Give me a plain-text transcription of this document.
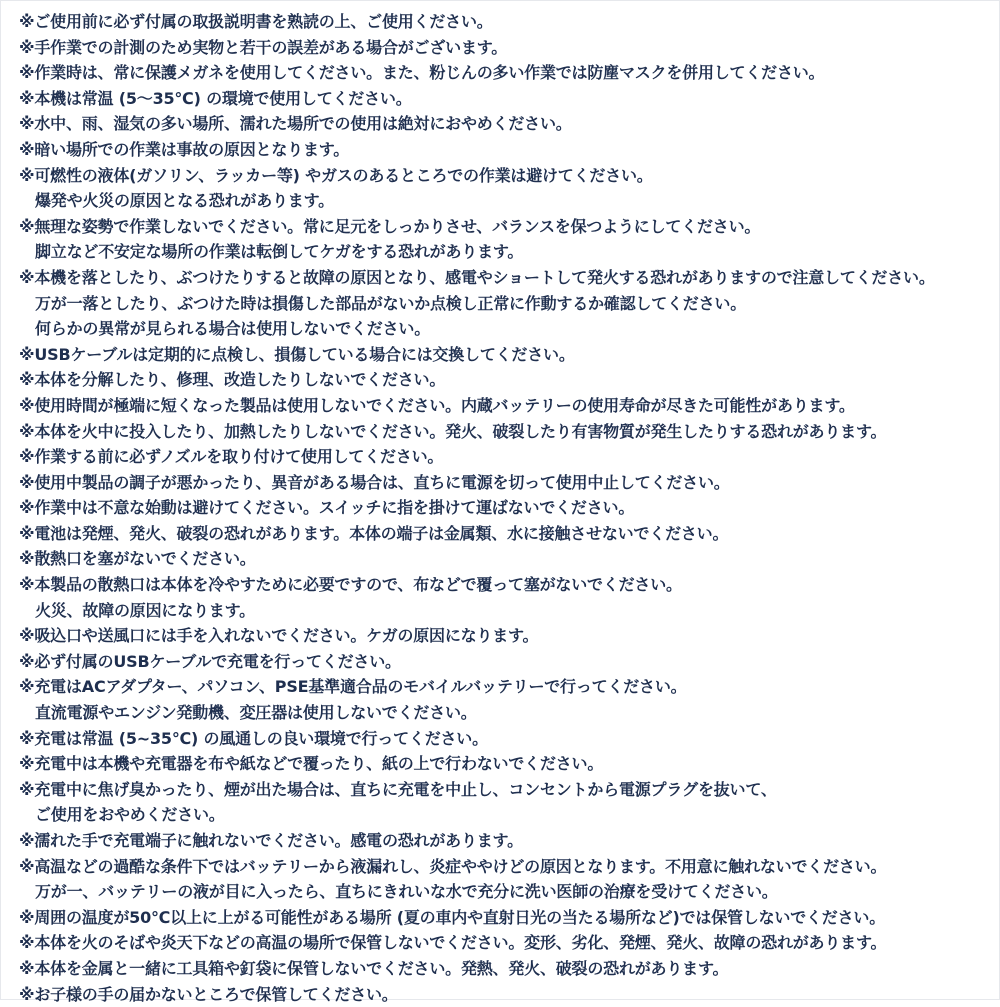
※ご使用前に必ず付属の取扱説明書を熟読の上、ご使用ください。
※手作業での計測のため実物と若干の誤差がある場合がございます。
※作業時は、常に保護メガネを使用してください。また、粉じんの多い作業では防塵マスクを併用してください。
※本機は常温 (5〜35℃) の環境で使用してください。
※水中、雨、湿気の多い場所、濡れた場所での使用は絶対におやめください。
※暗い場所での作業は事故の原因となります。
※可燃性の液体(ガソリン、ラッカー等) やガスのあるところでの作業は避けてください。
爆発や火災の原因となる恐れがあります。
※無理な姿勢で作業しないでください。常に足元をしっかりさせ、バランスを保つようにしてください。
脚立など不安定な場所の作業は転倒してケガをする恐れがあります。
※本機を落としたり、ぶつけたりすると故障の原因となり、感電やショートして発火する恐れがありますので注意してください。
万が一落としたり、ぶつけた時は損傷した部品がないか点検し正常に作動するか確認してください。
何らかの異常が見られる場合は使用しないでください。
※USBケーブルは定期的に点検し、損傷している場合には交換してください。
※本体を分解したり、修理、改造したりしないでください。
※使用時間が極端に短くなった製品は使用しないでください。内蔵バッテリーの使用寿命が尽きた可能性があります。
※本体を火中に投入したり、加熱したりしないでください。発火、破裂したり有害物質が発生したりする恐れがあります。
※作業する前に必ずノズルを取り付けて使用してください。
※使用中製品の調子が悪かったり、異音がある場合は、直ちに電源を切って使用中止してください。
※作業中は不意な始動は避けてください。スイッチに指を掛けて運ばないでください。
※電池は発煙、発火、破裂の恐れがあります。本体の端子は金属類、水に接触させないでください。
※散熱口を塞がないでください。
※本製品の散熱口は本体を冷やすために必要ですので、布などで覆って塞がないでください。
火災、故障の原因になります。
※吸込口や送風口には手を入れないでください。ケガの原因になります。
※必ず付属のUSBケーブルで充電を行ってください。
※充電はACアダプター、パソコン、PSE基準適合品のモバイルバッテリーで行ってください。
直流電源やエンジン発動機、変圧器は使用しないでください。
※充電は常温 (5~35℃) の風通しの良い環境で行ってください。
※充電中は本機や充電器を布や紙などで覆ったり、紙の上で行わないでください。
※充電中に焦げ臭かったり、煙が出た場合は、直ちに充電を中止し、コンセントから電源プラグを抜いて、
ご使用をおやめください。
※濡れた手で充電端子に触れないでください。感電の恐れがあります。
※高温などの過酷な条件下ではバッテリーから液漏れし、炎症ややけどの原因となります。不用意に触れないでください。
万が一、バッテリーの液が目に入ったら、直ちにきれいな水で充分に洗い医師の治療を受けてください。
※周囲の温度が50℃以上に上がる可能性がある場所 (夏の車内や直射日光の当たる場所など)では保管しないでください。
※本体を火のそばや炎天下などの高温の場所で保管しないでください。変形、劣化、発煙、発火、故障の恐れがあります。
※本体を金属と一緒に工具箱や釘袋に保管しないでください。発熱、発火、破裂の恐れがあります。
※お子様の手の届かないところで保管してください。
